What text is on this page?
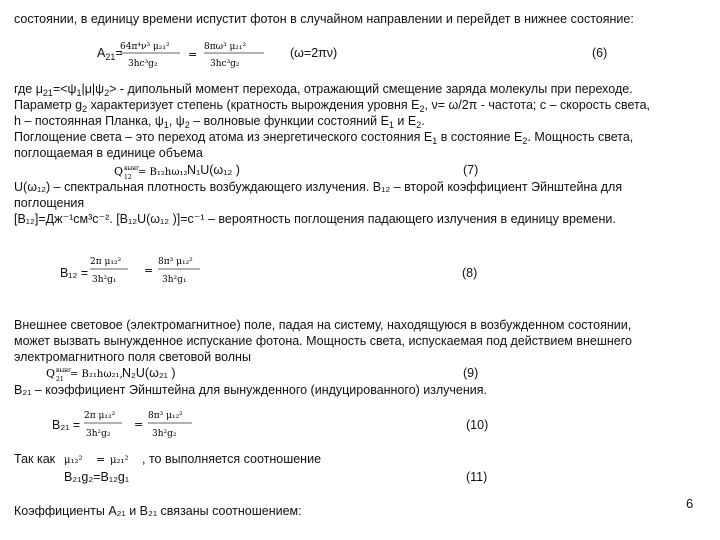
состоянии, в единицу времени испустит фотон в случайном направлении и перейдет в нижнее состояние:
$А_{21}=$
64π⁴ν³ μ₂₁²
3hc³g₂
=
8πω³ μ₂₁²
3hc³g₂
(ω=2πν)	(6)
где $\mu_{21}=<\psi_1|\mu|\psi_2>$ - дипольный момент перехода, отражающий смещение заряда молекулы при переходе.
Параметр $g_2$ характеризует степень (кратность вырождения уровня $Е_2$, ν= ω/2π - частота; c – скорость света,
h – постоянная Планка, $\psi_1$, $\psi_2$ – волновые функции состояний $Е_1$ и $Е_2$.
Поглощение света – это переход атома из энергетического состояния $Е_1$ в состояние $Е_2$. Мощность света,
поглощаемая в единице объема
Q вынг
12 = B₁₂hω₁₂ N₁U(ω₁₂ )	(7)
U(ω₁₂) – спектральная плотность возбуждающего излучения. В₁₂ – второй коэффициент Эйнштейна для
поглощения
[В₁₂]=Дж⁻¹см³с⁻². [В₁₂U(ω₁₂ )]=с⁻¹ – вероятность поглощения падающего излучения в единицу времени.
В₁₂ =
2π μ₁₂²
3h²g₁
=
8π³ μ₁₂²
3h²g₁	(8)
Внешнее световое (электромагнитное) поле, падая на систему, находящуюся в возбужденном состоянии,
может вызвать вынужденное испускание фотона. Мощность света, испускаемая под действием внешнего
электромагнитного поля световой волны
Q вынг
21 = B₂₁hω₂₁, N₂U(ω₂₁ )	(9)
В₂₁ – коэффициент Эйнштейна для вынужденного (индуцированного) излучения.
В₂₁ =
2π μ₁₂²
3h²g₂
=
8π³ μ₁₂²
3h²g₂
(10)
Так как μ₁₂² = μ₂₁² , то выполняется соотношение
В₂₁g₂=В₁₂g₁	(11)
Коэффициенты А₂₁ и В₂₁ связаны соотношением:	6
